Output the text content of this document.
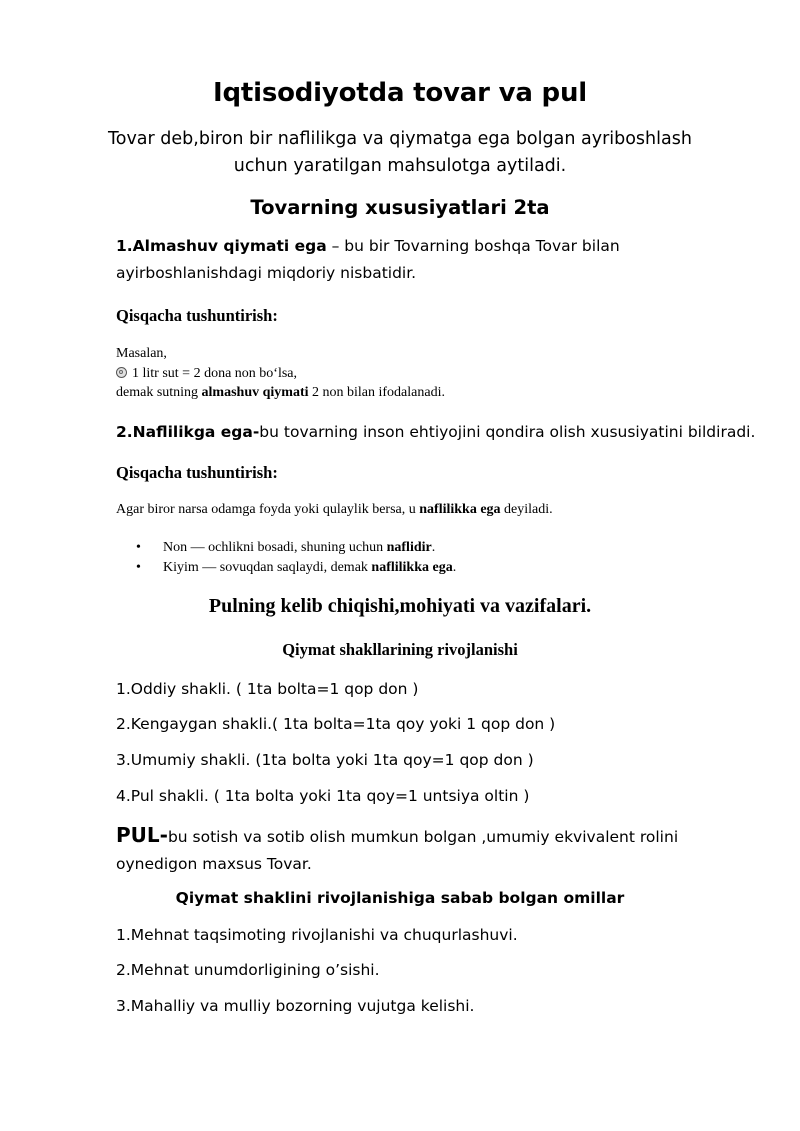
Iqtisodiyotda tovar va pul
Tovar deb,biron bir naflilikga va qiymatga ega bolgan ayriboshlash
uchun yaratilgan mahsulotga aytiladi.
Tovarning xususiyatlari 2ta

1.Almashuv qiymati ega – bu bir Tovarning boshqa Tovar bilan ayirboshlanishdagi miqdoriy nisbatidir.

Qisqacha tushuntirish:

Masalan,
1 litr sut = 2 dona non bo‘lsa,
demak sutning almashuv qiymati 2 non bilan ifodalanadi.

2.Naflilikga ega-bu tovarning inson ehtiyojini qondira olish xususiyatini bildiradi.

Qisqacha tushuntirish:

Agar biror narsa odamga foyda yoki qulaylik bersa, u naflilikka ega deyiladi.

• Non — ochlikni bosadi, shuning uchun naflidir.
• Kiyim — sovuqdan saqlaydi, demak naflilikka ega.
Pulning kelib chiqishi,mohiyati va vazifalari.
Qiymat shakllarining rivojlanishi

1.Oddiy shakli. ( 1ta bolta=1 qop don )

2.Kengaygan shakli.( 1ta bolta=1ta qoy yoki 1 qop don )

3.Umumiy shakli. (1ta bolta yoki 1ta qoy=1 qop don )

4.Pul shakli. ( 1ta bolta yoki 1ta qoy=1 untsiya oltin )

PUL-bu sotish va sotib olish mumkun bolgan ,umumiy ekvivalent rolini
oynedigon maxsus Tovar.
Qiymat shaklini rivojlanishiga sabab bolgan omillar

1.Mehnat taqsimoting rivojlanishi va chuqurlashuvi.

2.Mehnat unumdorligining o’sishi.

3.Mahalliy va mulliy bozorning vujutga kelishi.
